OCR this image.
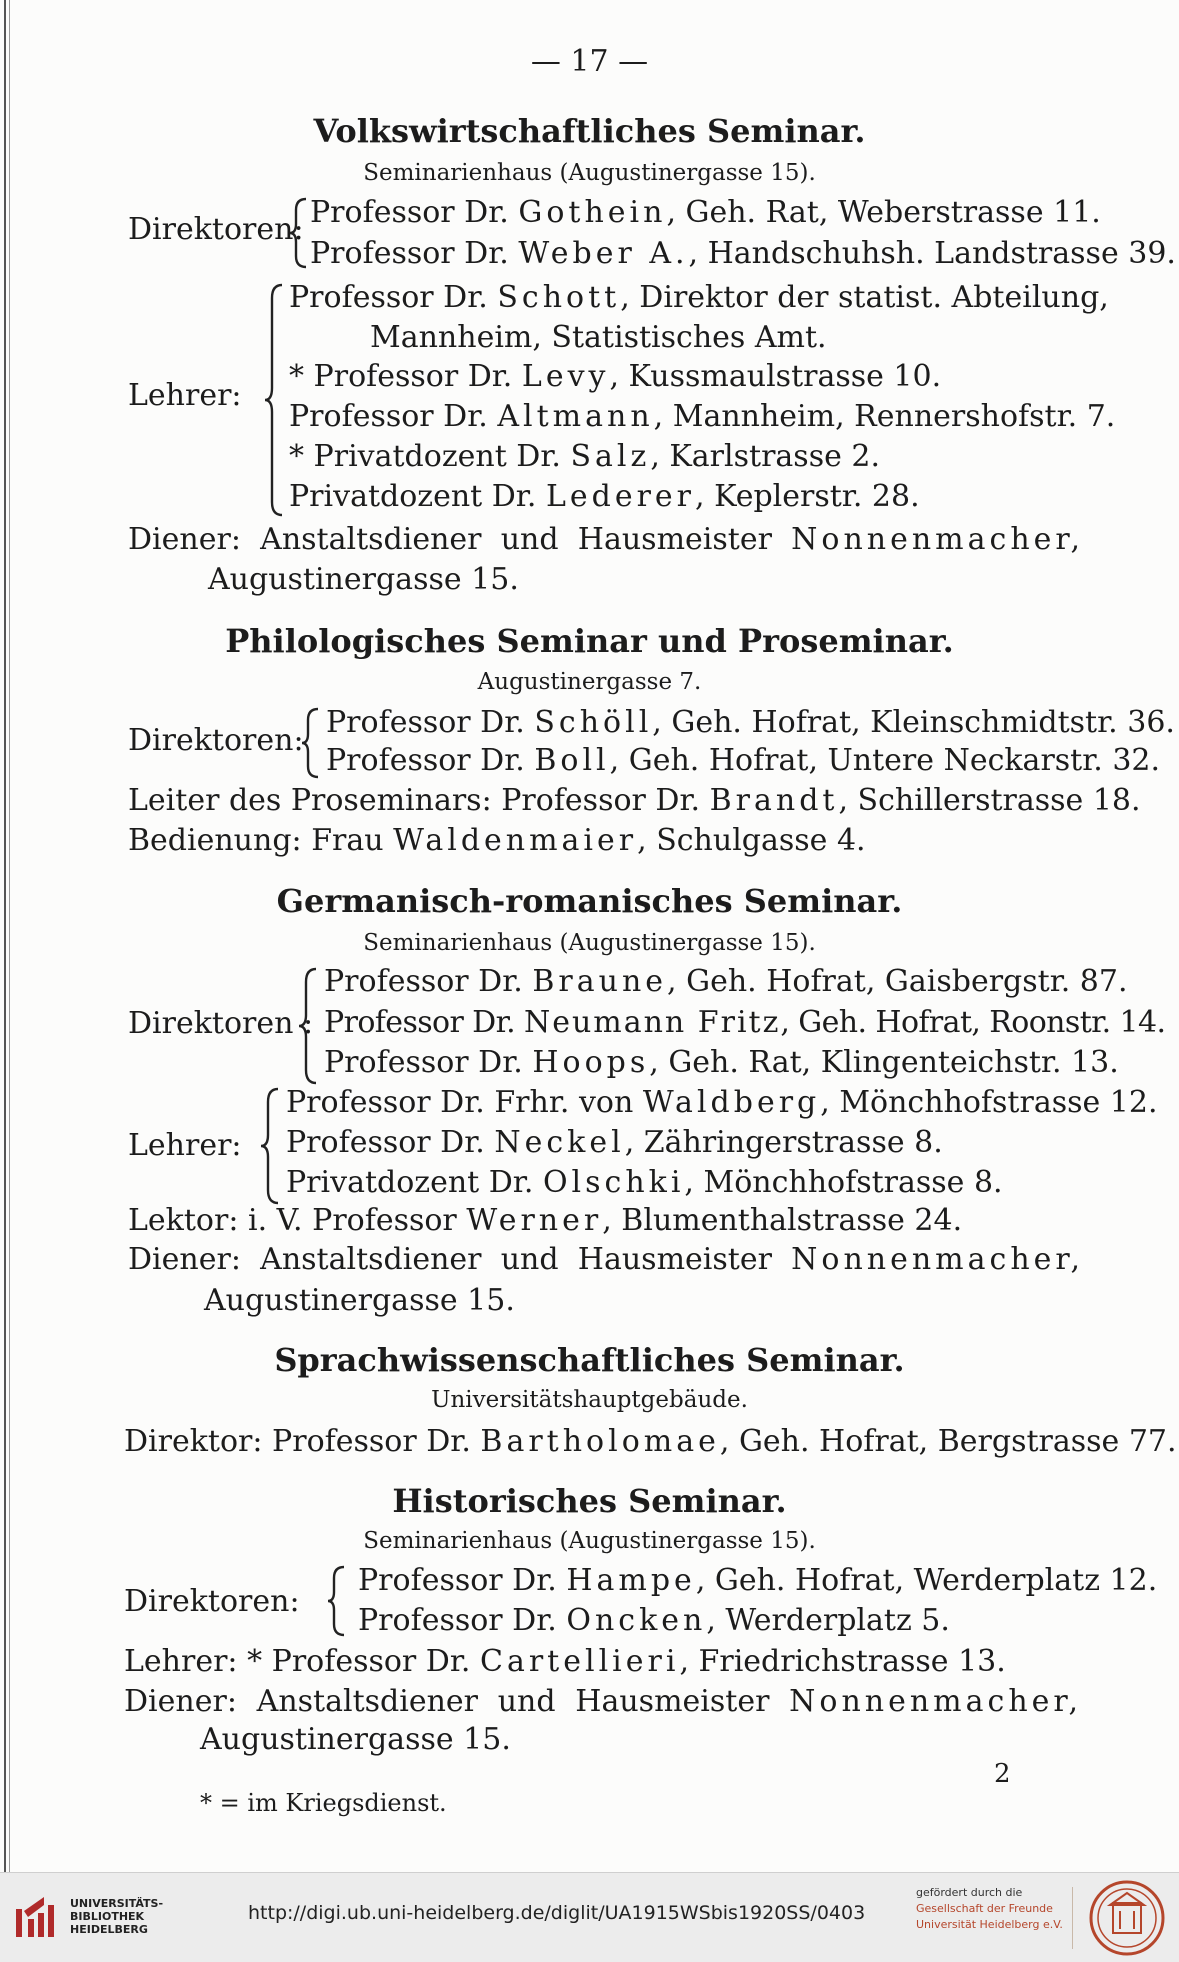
— 17 —
Volkswirtschaftliches Seminar.
Seminarienhaus (Augustinergasse 15).
Direktoren: Professor Dr. Gothein, Geh. Rat, Weberstrasse 11.
Professor Dr. Weber A., Handschuhsh. Landstrasse 39.
Lehrer:
Professor Dr. Schott, Direktor der statist. Abteilung,
Mannheim, Statistisches Amt.
* Professor Dr. Levy, Kussmaulstrasse 10.
Professor Dr. Altmann, Mannheim, Rennershofstr. 7.
* Privatdozent Dr. Salz, Karlstrasse 2.
Privatdozent Dr. Lederer, Keplerstr. 28.
Diener: Anstaltsdiener und Hausmeister Nonnenmacher,
Augustinergasse 15.
Philologisches Seminar und Proseminar.
Augustinergasse 7.
Direktoren:
Professor Dr. Schöll, Geh. Hofrat, Kleinschmidtstr. 36.
Professor Dr. Boll, Geh. Hofrat, Untere Neckarstr. 32.
Leiter des Proseminars: Professor Dr. Brandt, Schillerstrasse 18.
Bedienung: Frau Waldenmaier, Schulgasse 4.
Germanisch-romanisches Seminar.
Seminarienhaus (Augustinergasse 15).
Direktoren :
Professor Dr. Braune, Geh. Hofrat, Gaisbergstr. 87.
Professor Dr. Neumann Fritz, Geh. Hofrat, Roonstr. 14.
Professor Dr. Hoops, Geh. Rat, Klingenteichstr. 13.
Lehrer:
Professor Dr. Frhr. von Waldberg, Mönchhofstrasse 12.
Professor Dr. Neckel, Zähringerstrasse 8.
Privatdozent Dr. Olschki, Mönchhofstrasse 8.
Lektor: i. V. Professor Werner, Blumenthalstrasse 24.
Diener: Anstaltsdiener und Hausmeister Nonnenmacher,
Augustinergasse 15.
Sprachwissenschaftliches Seminar.
Universitätshauptgebäude.
Direktor: Professor Dr. Bartholomae, Geh. Hofrat, Bergstrasse 77.
Historisches Seminar.
Seminarienhaus (Augustinergasse 15).
Direktoren:
Professor Dr. Hampe, Geh. Hofrat, Werderplatz 12.
Professor Dr. Oncken, Werderplatz 5.
Lehrer: * Professor Dr. Cartellieri, Friedrichstrasse 13.
Diener: Anstaltsdiener und Hausmeister Nonnenmacher,
Augustinergasse 15.
2
* = im Kriegsdienst.
UNIVERSITÄTS-
BIBLIOTHEK
HEIDELBERG
http://digi.ub.uni-heidelberg.de/diglit/UA1915WSbis1920SS/0403
gefördert durch die
Gesellschaft der Freunde
Universität Heidelberg e.V.
